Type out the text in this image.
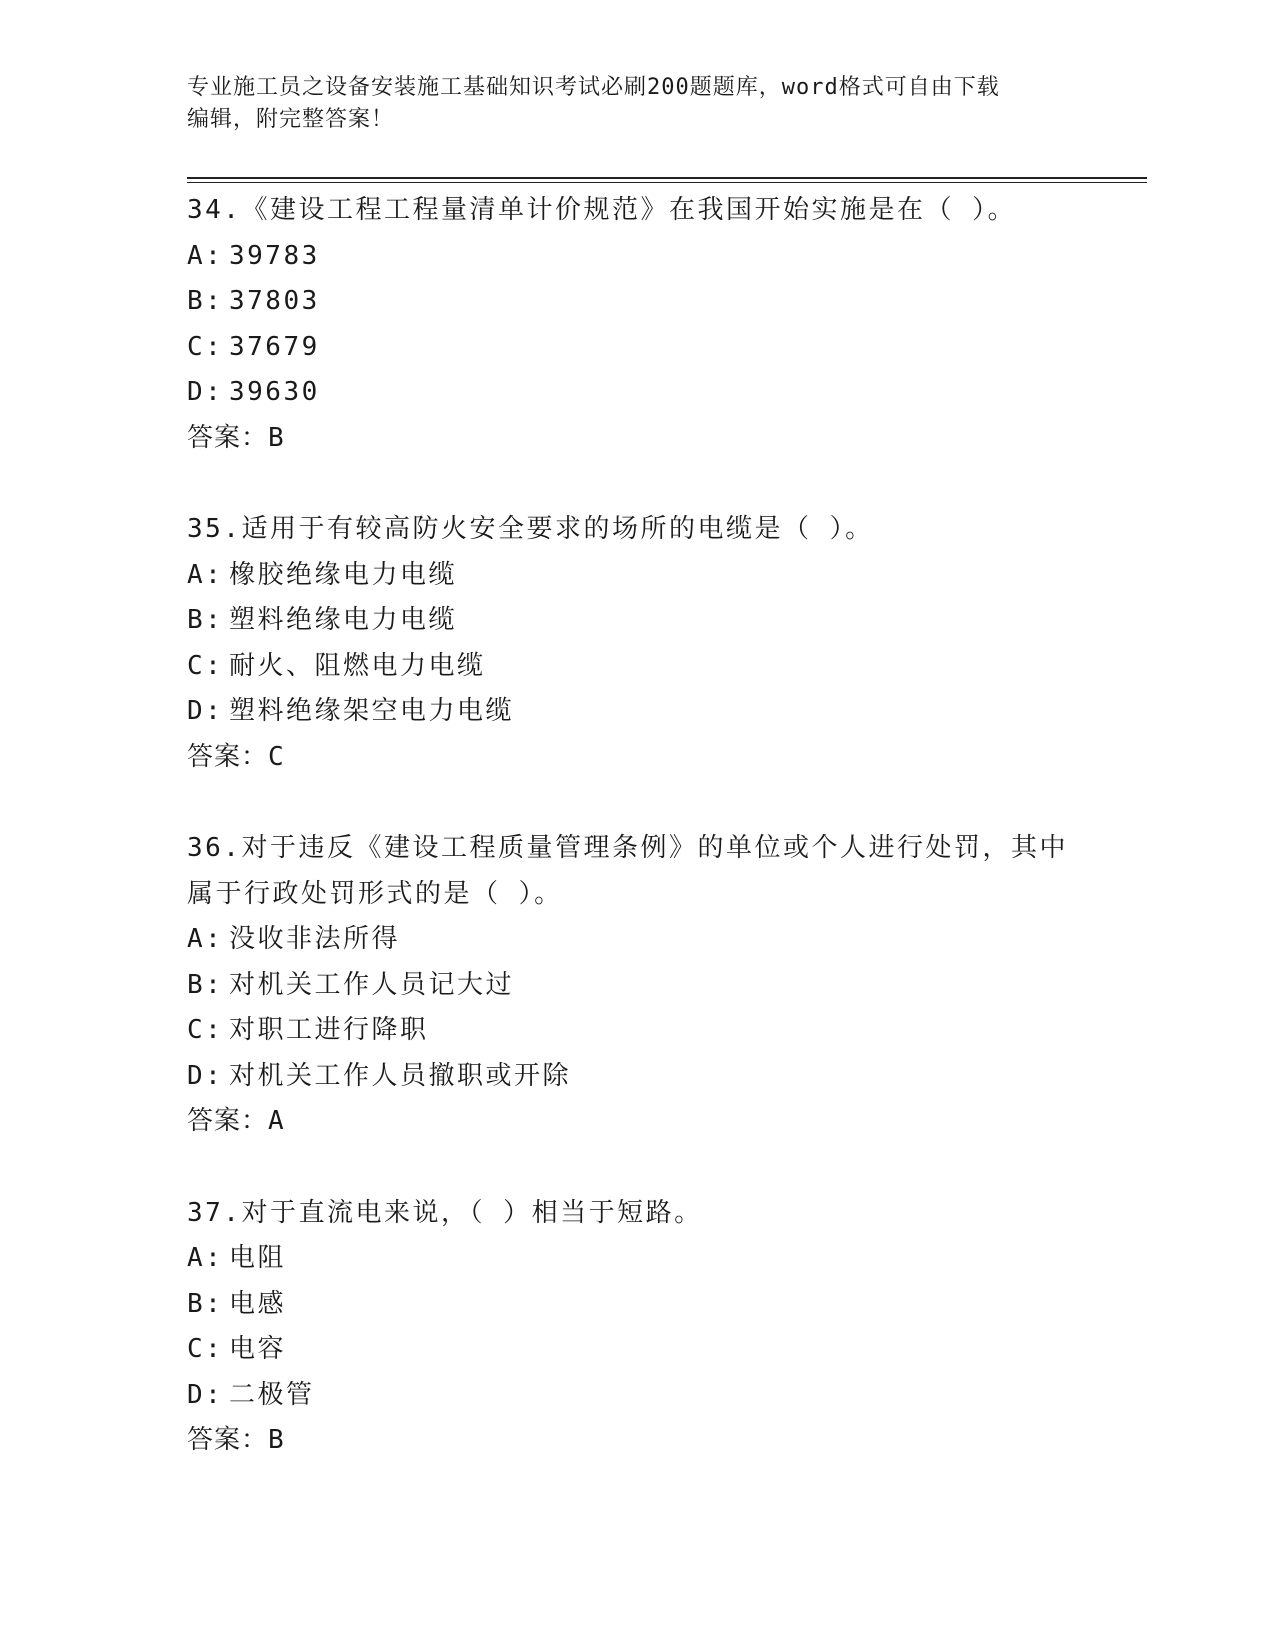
专业施工员之设备安装施工基础知识考试必刷200题题库，word格式可自由下载
编辑，附完整答案！
34.《建设工程工程量清单计价规范》在我国开始实施是在（ ）。
A: 39783
B: 37803
C: 37679
D: 39630
答案：B
35.适用于有较高防火安全要求的场所的电缆是（ ）。
A: 橡胶绝缘电力电缆
B: 塑料绝缘电力电缆
C: 耐火、阻燃电力电缆
D: 塑料绝缘架空电力电缆
答案：C
36.对于违反《建设工程质量管理条例》的单位或个人进行处罚，其中
属于行政处罚形式的是（ ）。
A: 没收非法所得
B: 对机关工作人员记大过
C: 对职工进行降职
D: 对机关工作人员撤职或开除
答案：A
37.对于直流电来说，（ ）相当于短路。
A: 电阻
B: 电感
C: 电容
D: 二极管
答案：B
